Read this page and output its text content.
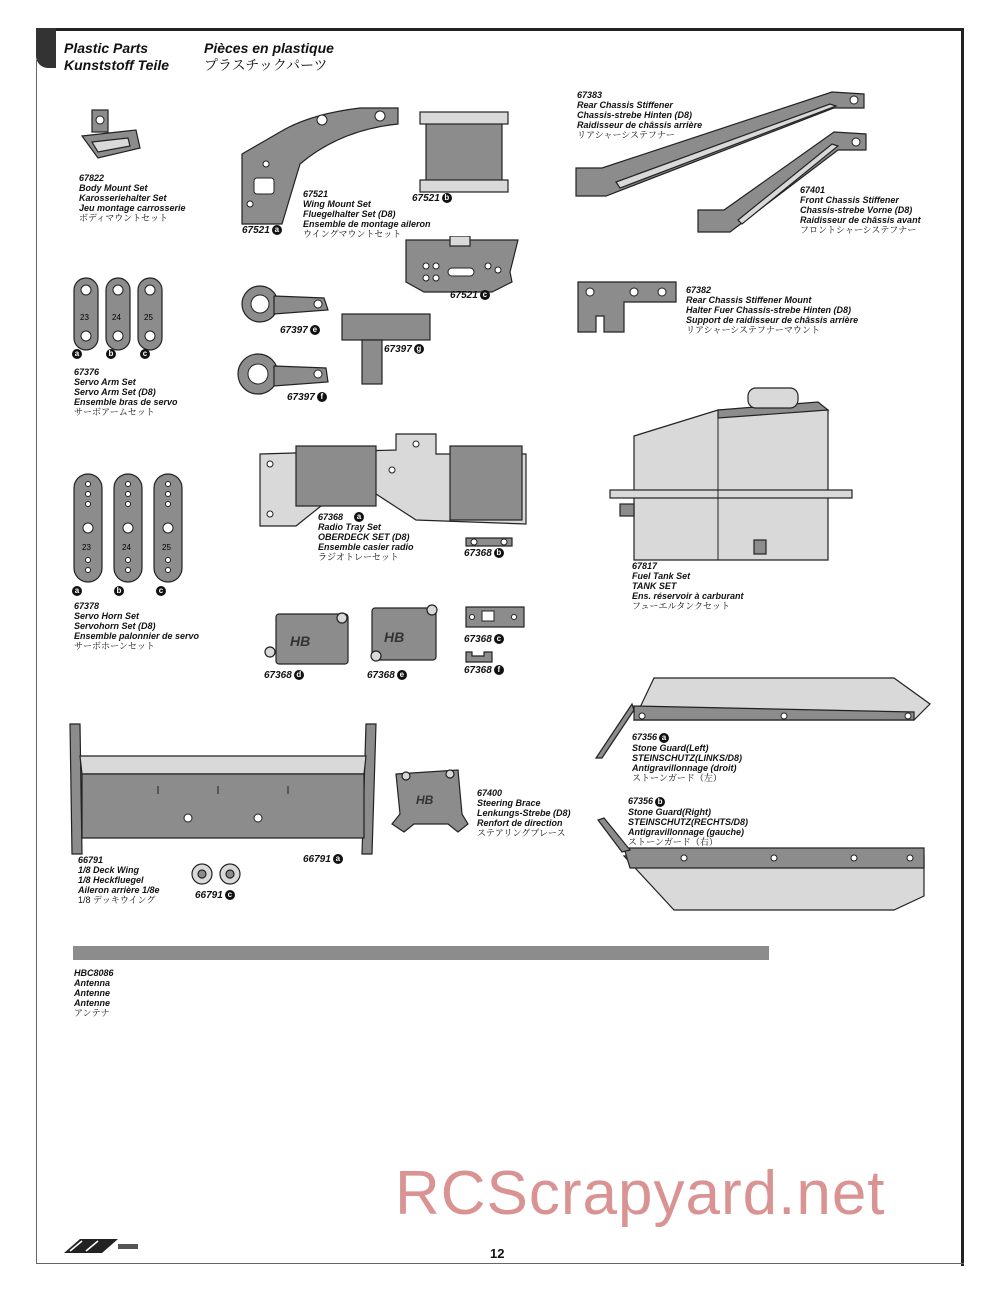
Plastic Parts
Kunststoff Teile
Pièces en plastique
プラスチックパーツ
67822
Body Mount Set
Karosseriehalter Set
Jeu montage carrosserie
ボディマウントセット
67521 a
67521
Wing Mount Set
Fluegelhalter Set (D8)
Ensemble de montage aileron
ウイングマウントセット
67521 b
67521 c
67383
Rear Chassis Stiffener
Chassis-strebe Hinten (D8)
Raidisseur de châssis arrière
リアシャーシステフナー
67401
Front Chassis Stiffener
Chassis-strebe Vorne (D8)
Raidisseur de châssis avant
フロントシャーシステフナー
67382
Rear Chassis Stiffener Mount
Halter Fuer Chassis-strebe Hinten (D8)
Support de raidisseur de châssis arrière
リアシャーシステフナーマウント
23	24	25
a	b	c
67376
Servo Arm Set
Servo Arm Set (D8)
Ensemble bras de servo
サーボアームセット
67397 e
67397 g
67397 f
67817
Fuel Tank Set
TANK SET
Ens. réservoir à carburant
フューエルタンクセット
67368
Radio Tray Set
OBERDECK SET (D8)
Ensemble casier radio
ラジオトレーセット
a
67368 b
23	24	25
a	b	c
67378
Servo Horn Set
Servohorn Set (D8)
Ensemble palonnier de servo
サーボホーンセット	HB
67368 d
HB
67368 e
67368 c
67368 f
67356 a
Stone Guard(Left)
STEINSCHUTZ(LINKS/D8)
Antigravillonnage (droit)
ストーンガード（左）
67356 b
Stone Guard(Right)
STEINSCHUTZ(RECHTS/D8)
Antigravillonnage (gauche)
ストーンガード（右）
66791 a
66791
1/8 Deck Wing
1/8 Heckfluegel
Aileron arrière 1/8e
1/8 デッキウイング	66791 c
HB	67400
Steering Brace
Lenkungs-Strebe (D8)
Renfort de direction
ステアリングブレース
HBC8086
Antenna
Antenne
Antenne
アンテナ
RCScrapyard.net
12
